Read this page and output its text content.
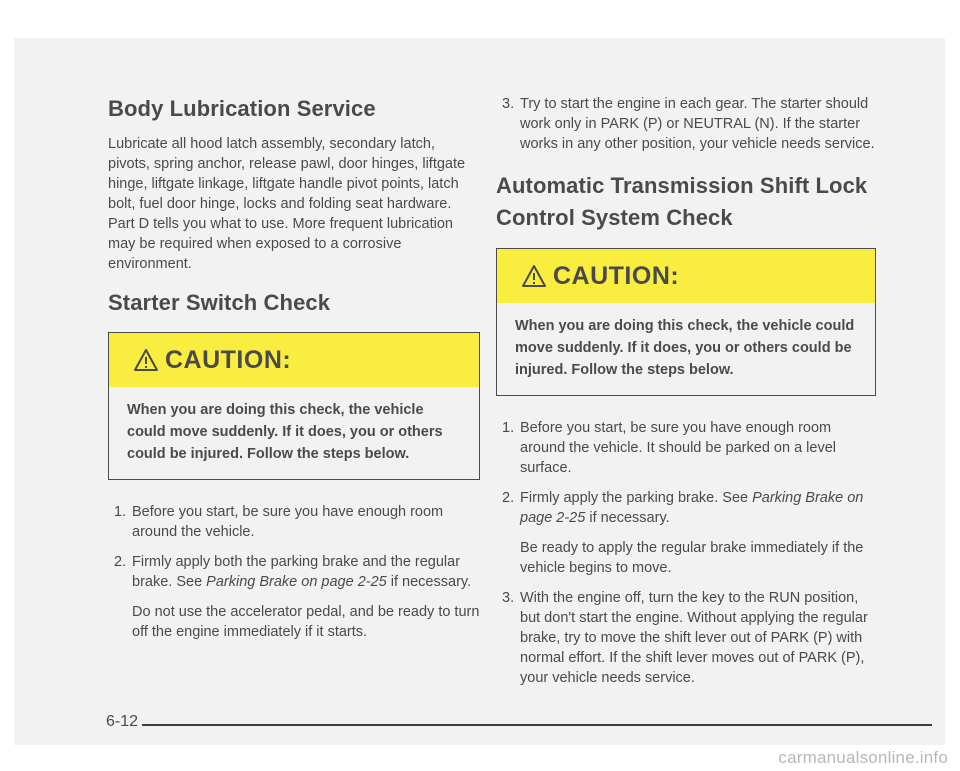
Body Lubrication Service

Lubricate all hood latch assembly, secondary latch, pivots, spring anchor, release pawl, door hinges, liftgate hinge, liftgate linkage, liftgate handle pivot points, latch bolt, fuel door hinge, locks and folding seat hardware. Part D tells you what to use. More frequent lubrication may be required when exposed to a corrosive environment.

Starter Switch Check
CAUTION:
When you are doing this check, the vehicle could move suddenly. If it does, you or others could be injured. Follow the steps below.
1. Before you start, be sure you have enough room around the vehicle.
2. Firmly apply both the parking brake and the regular brake. See Parking Brake on page 2-25 if necessary.
Do not use the accelerator pedal, and be ready to turn off the engine immediately if it starts.
3. Try to start the engine in each gear. The starter should work only in PARK (P) or NEUTRAL (N). If the starter works in any other position, your vehicle needs service.
Automatic Transmission Shift Lock Control System Check
CAUTION:
When you are doing this check, the vehicle could move suddenly. If it does, you or others could be injured. Follow the steps below.
1. Before you start, be sure you have enough room around the vehicle. It should be parked on a level surface.
2. Firmly apply the parking brake. See Parking Brake on page 2-25 if necessary.
Be ready to apply the regular brake immediately if the vehicle begins to move.
3. With the engine off, turn the key to the RUN position, but don't start the engine. Without applying the regular brake, try to move the shift lever out of PARK (P) with normal effort. If the shift lever moves out of PARK (P), your vehicle needs service.
6-12
carmanualsonline.info
